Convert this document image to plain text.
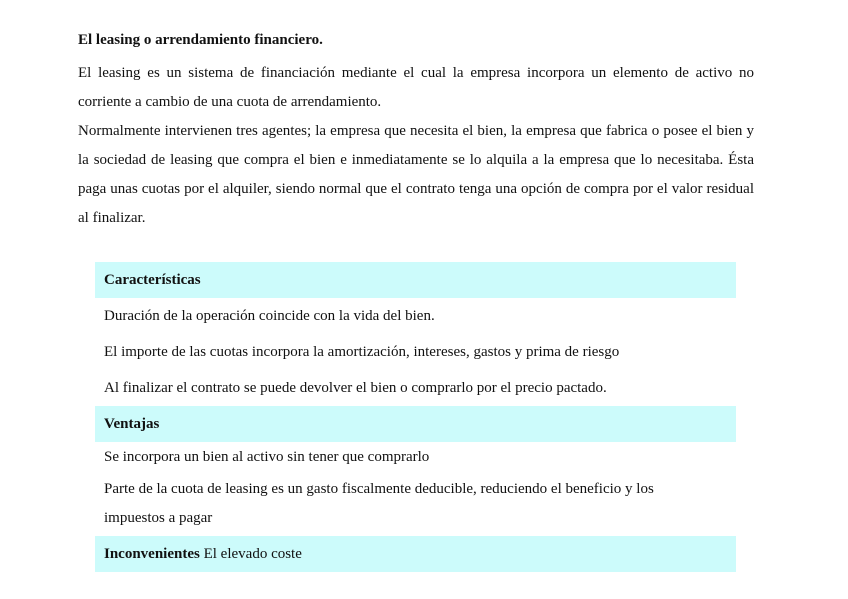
El leasing o arrendamiento financiero.

El leasing es un sistema de financiación mediante el cual la empresa incorpora un elemento de activo no corriente a cambio de una cuota de arrendamiento.

Normalmente intervienen tres agentes; la empresa que necesita el bien, la empresa que fabrica o posee el bien y la sociedad de leasing que compra el bien e inmediatamente se lo alquila a la empresa que lo necesitaba. Ésta paga unas cuotas por el alquiler, siendo normal que el contrato tenga una opción de compra por el valor residual al finalizar.

Características
Duración de la operación coincide con la vida del bien.
El importe de las cuotas incorpora la amortización, intereses, gastos y prima de riesgo
Al finalizar el contrato se puede devolver el bien o comprarlo por el precio pactado.
Ventajas
Se incorpora un bien al activo sin tener que comprarlo
Parte de la cuota de leasing es un gasto fiscalmente deducible, reduciendo el beneficio y los impuestos a pagar
Inconvenientes
El elevado coste
